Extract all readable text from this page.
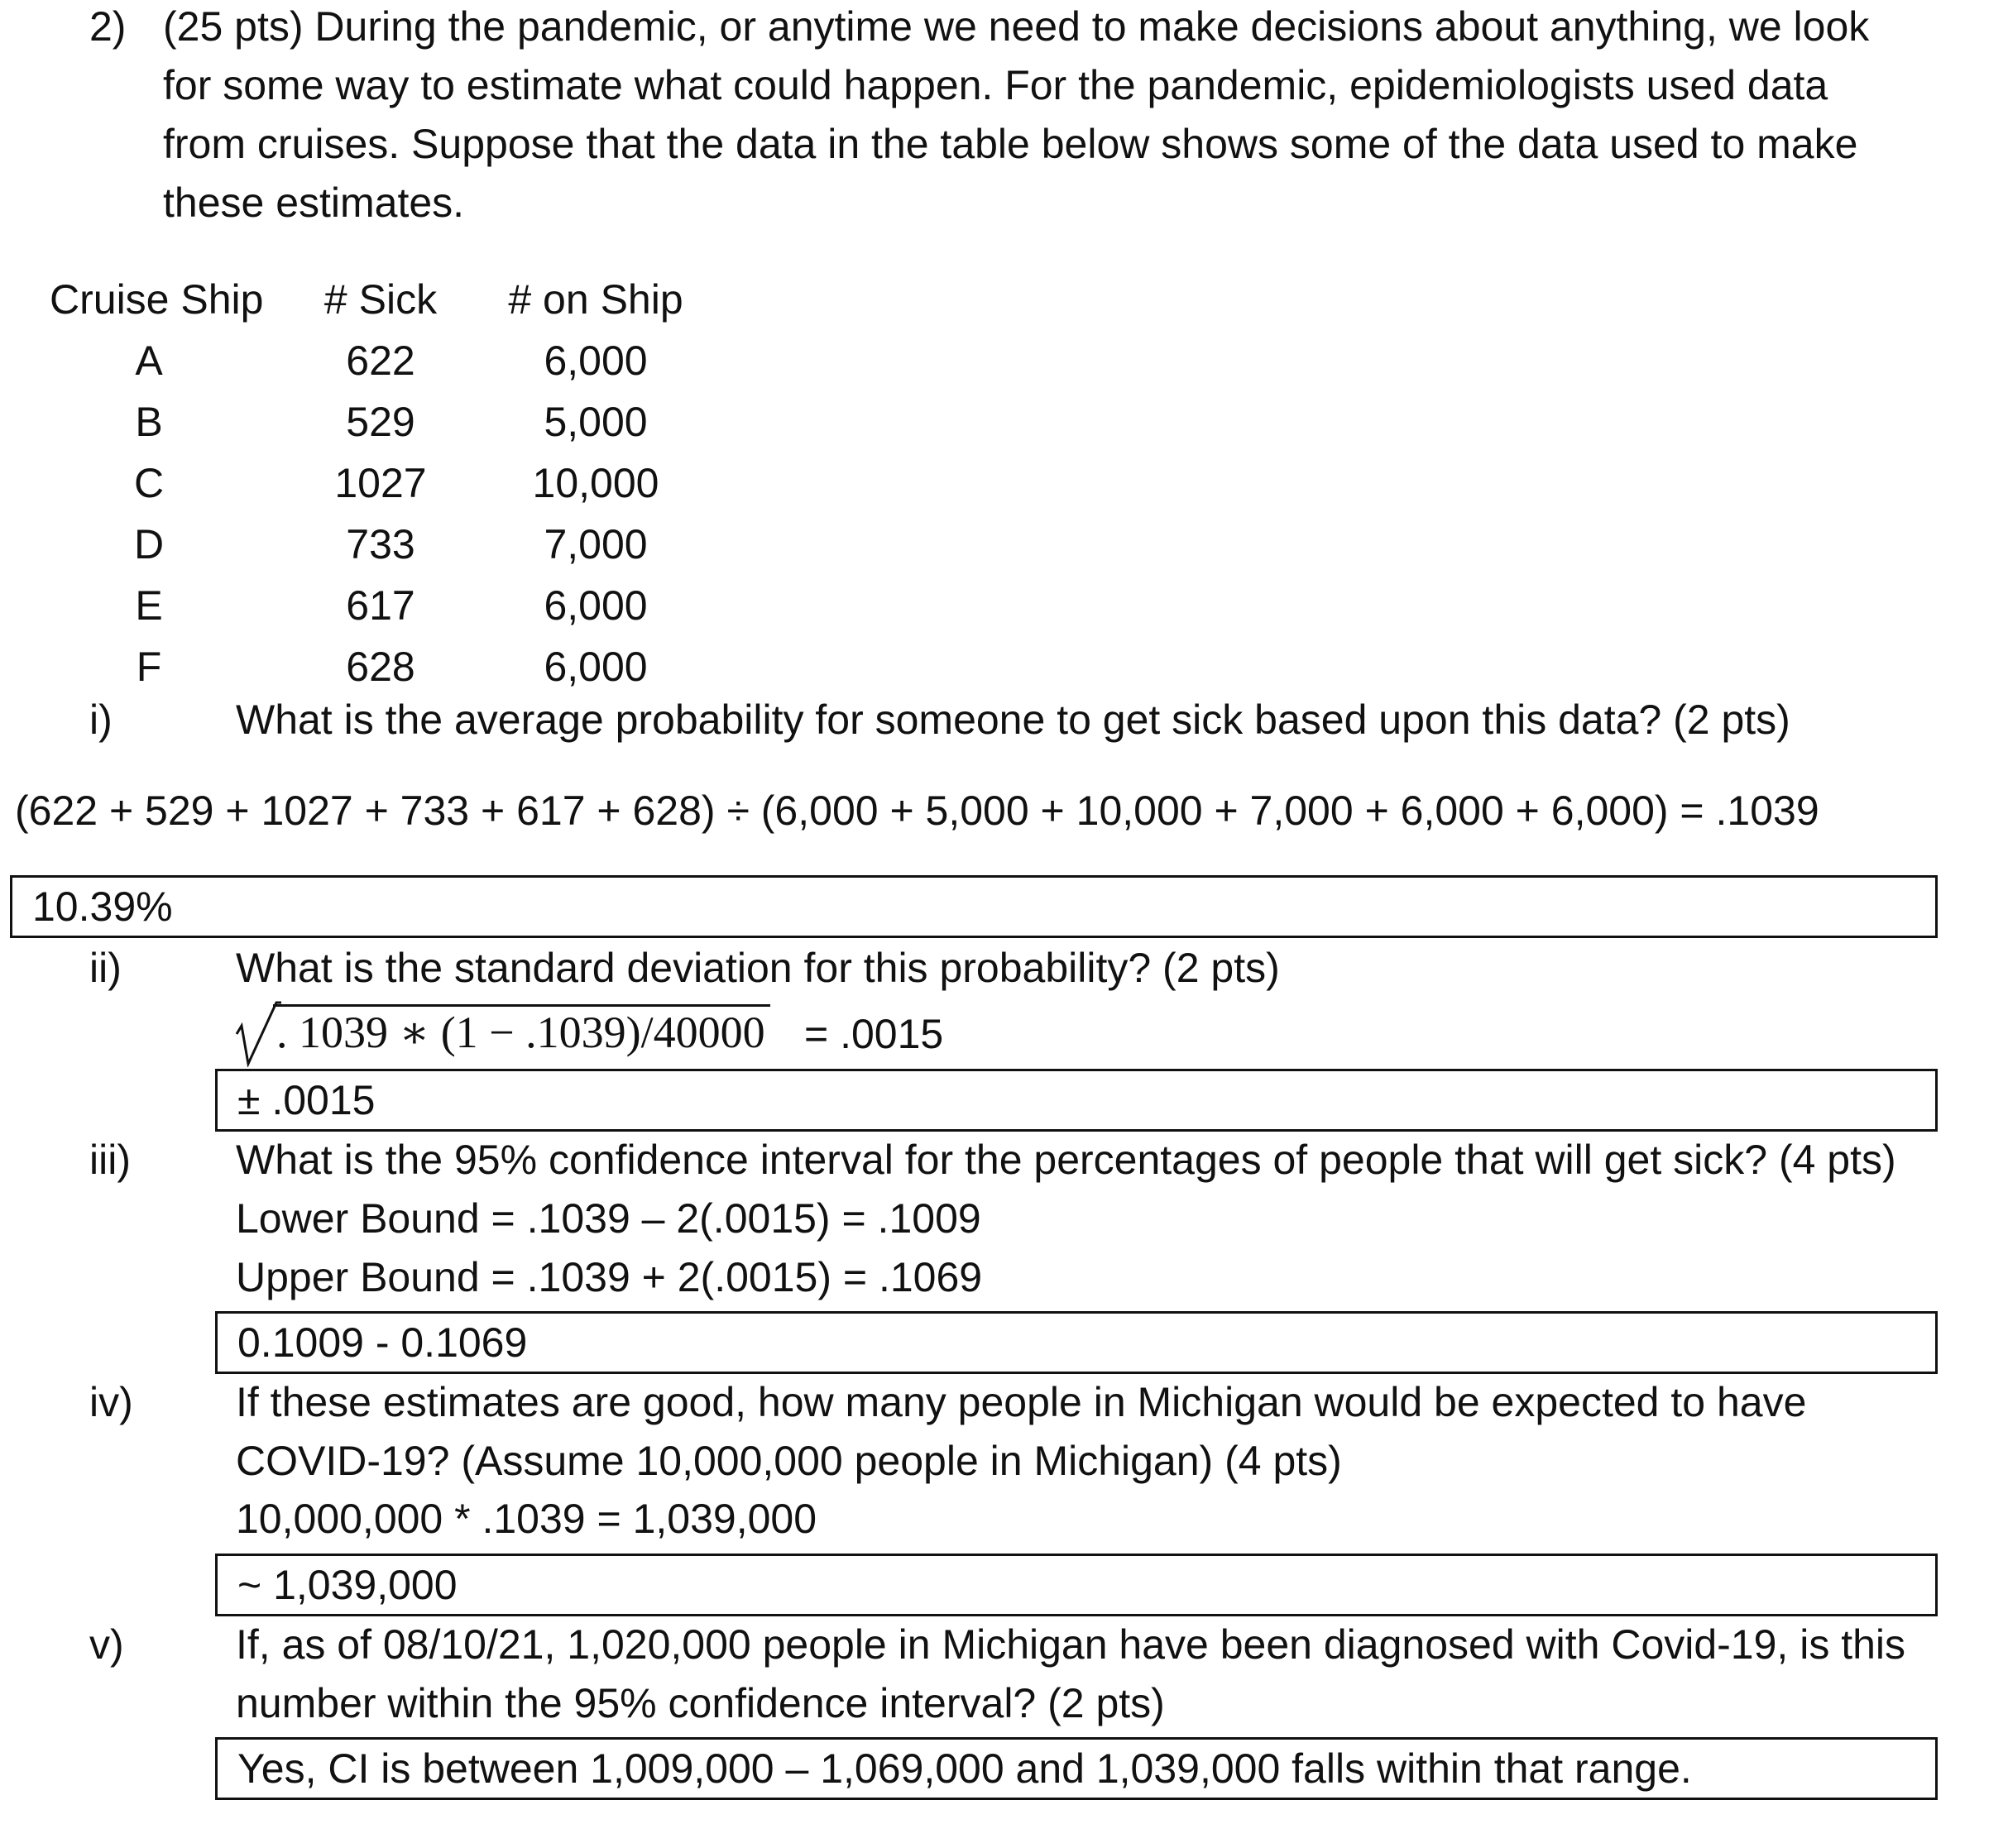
2) (25 pts) During the pandemic, or anytime we need to make decisions about anything, we look
for some way to estimate what could happen. For the pandemic, epidemiologists used data
from cruises. Suppose that the data in the table below shows some of the data used to make
these estimates.
Cruise Ship # Sick # on Ship
A	622	6,000
B	529	5,000
C	1027	10,000
D	733	7,000
E	617	6,000
F	628	6,000
i)	What is the average probability for someone to get sick based upon this data? (2 pts)
(622 + 529 + 1027 + 733 + 617 + 628) ÷ (6,000 + 5,000 + 10,000 + 7,000 + 6,000 + 6,000) = .1039
10.39%
ii)	What is the standard deviation for this probability? (2 pts)
. 1039 ∗ (1 − .1039)/40000 = .0015
± .0015
iii)	What is the 95% confidence interval for the percentages of people that will get sick? (4 pts)
Lower Bound = .1039 – 2(.0015) = .1009
Upper Bound = .1039 + 2(.0015) = .1069
0.1009 - 0.1069
iv) If these estimates are good, how many people in Michigan would be expected to have
COVID-19? (Assume 10,000,000 people in Michigan) (4 pts)
10,000,000 * .1039 = 1,039,000
~ 1,039,000
v)	If, as of 08/10/21, 1,020,000 people in Michigan have been diagnosed with Covid-19, is this
number within the 95% confidence interval? (2 pts)
Yes, CI is between 1,009,000 – 1,069,000 and 1,039,000 falls within that range.
